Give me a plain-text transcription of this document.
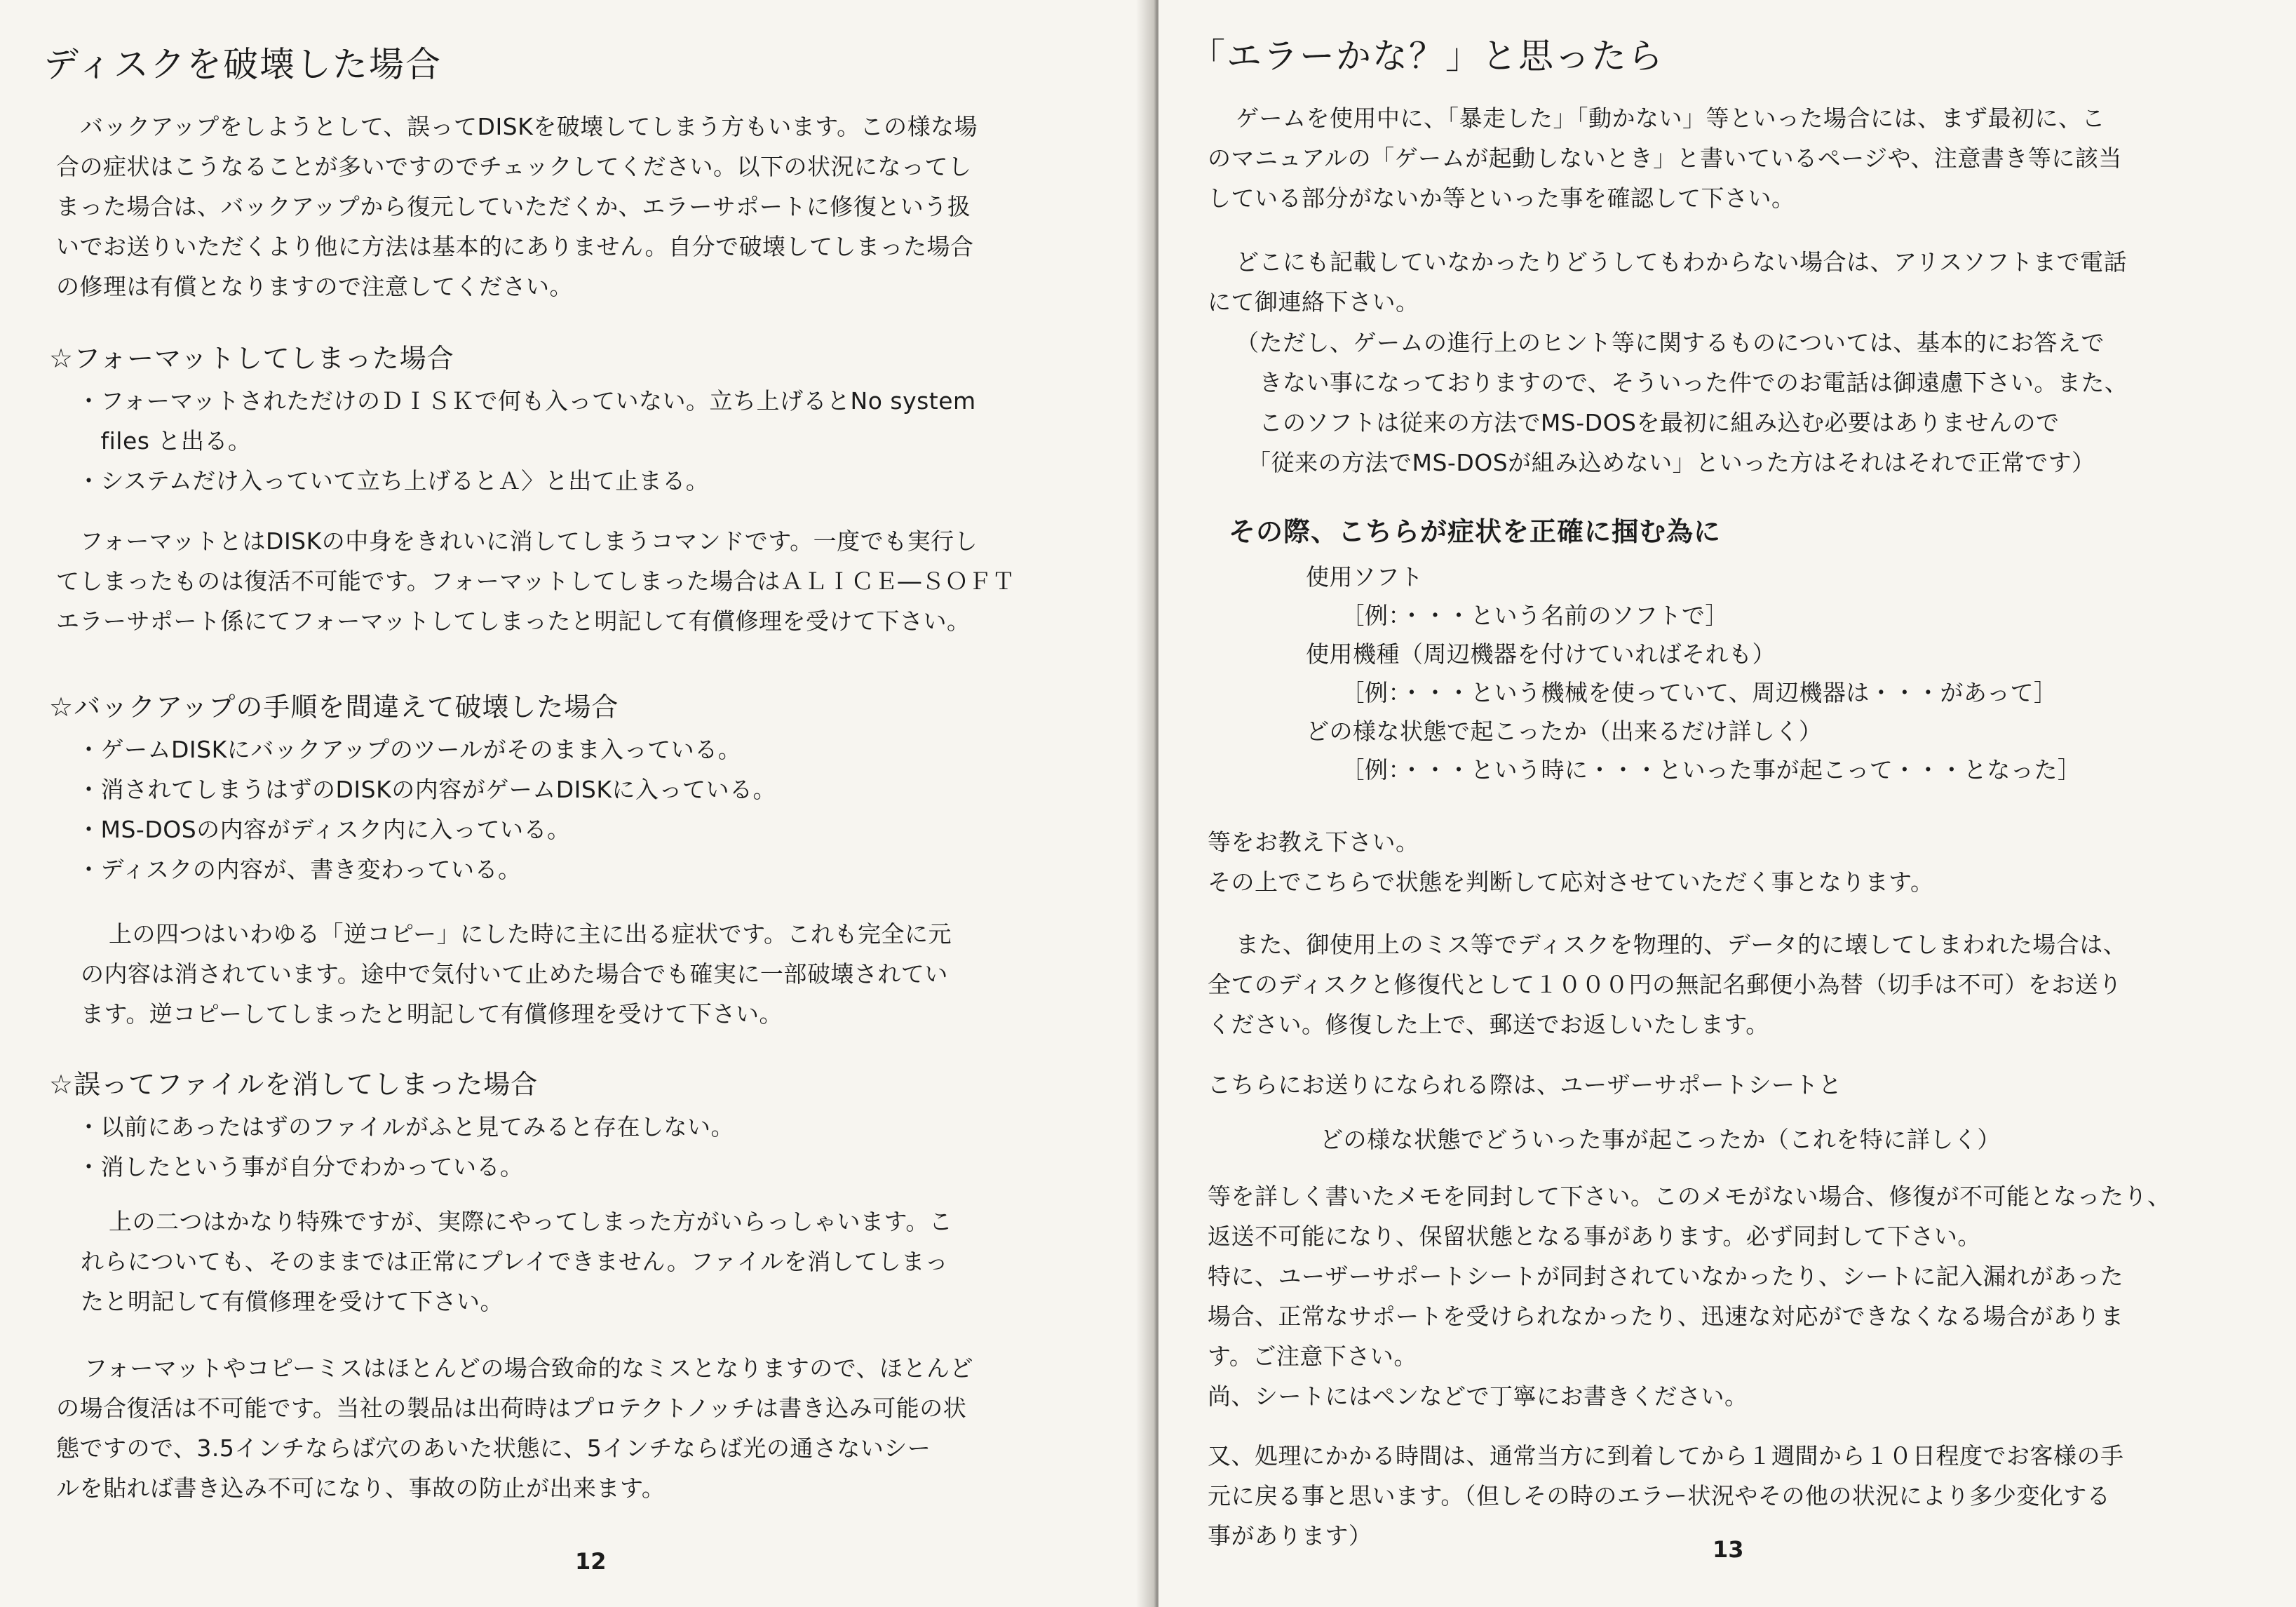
ディスクを破壊した場合
バックアップをしようとして、誤ってDISKを破壊してしまう方もいます。この様な場
合の症状はこうなることが多いですのでチェックしてください。以下の状況になってし
まった場合は、バックアップから復元していただくか、エラーサポートに修復という扱
いでお送りいただくより他に方法は基本的にありません。自分で破壊してしまった場合
の修理は有償となりますので注意してください。
☆フォーマットしてしまった場合
・フォーマットされただけのＤＩＳＫで何も入っていない。立ち上げるとNo system
　files と出る。
・システムだけ入っていて立ち上げるとＡ〉と出て止まる。
フォーマットとはDISKの中身をきれいに消してしまうコマンドです。一度でも実行し
てしまったものは復活不可能です。フォーマットしてしまった場合はＡＬＩＣＥ―ＳＯＦＴ
エラーサポート係にてフォーマットしてしまったと明記して有償修理を受けて下さい。
☆バックアップの手順を間違えて破壊した場合
・ゲームDISKにバックアップのツールがそのまま入っている。
・消されてしまうはずのDISKの内容がゲームDISKに入っている。
・MS-DOSの内容がディスク内に入っている。
・ディスクの内容が、書き変わっている。
上の四つはいわゆる「逆コピー」にした時に主に出る症状です。これも完全に元
の内容は消されています。途中で気付いて止めた場合でも確実に一部破壊されてい
ます。逆コピーしてしまったと明記して有償修理を受けて下さい。
☆誤ってファイルを消してしまった場合
・以前にあったはずのファイルがふと見てみると存在しない。
・消したという事が自分でわかっている。
上の二つはかなり特殊ですが、実際にやってしまった方がいらっしゃいます。こ
れらについても、そのままでは正常にプレイできません。ファイルを消してしまっ
たと明記して有償修理を受けて下さい。
フォーマットやコピーミスはほとんどの場合致命的なミスとなりますので、ほとんど
の場合復活は不可能です。当社の製品は出荷時はプロテクトノッチは書き込み可能の状
態ですので、3.5インチならば穴のあいた状態に、5インチならば光の通さないシー
ルを貼れば書き込み不可になり、事故の防止が出来ます。
12
「エラーかな？」と思ったら
ゲームを使用中に、「暴走した」「動かない」等といった場合には、まず最初に、こ
のマニュアルの「ゲームが起動しないとき」と書いているページや、注意書き等に該当
している部分がないか等といった事を確認して下さい。
どこにも記載していなかったりどうしてもわからない場合は、アリスソフトまで電話
にて御連絡下さい。
（ただし、ゲームの進行上のヒント等に関するものについては、基本的にお答えで
　きない事になっておりますので、そういった件でのお電話は御遠慮下さい。また、
　このソフトは従来の方法でMS-DOSを最初に組み込む必要はありませんので
　「従来の方法でMS-DOSが組み込めない」といった方はそれはそれで正常です）
その際、こちらが症状を正確に掴む為に
使用ソフト
　　［例：・・・という名前のソフトで］
使用機種（周辺機器を付けていればそれも）
　　［例：・・・という機械を使っていて、周辺機器は・・・があって］
どの様な状態で起こったか（出来るだけ詳しく）
　　［例：・・・という時に・・・といった事が起こって・・・となった］
等をお教え下さい。
その上でこちらで状態を判断して応対させていただく事となります。
また、御使用上のミス等でディスクを物理的、データ的に壊してしまわれた場合は、
全てのディスクと修復代として１０００円の無記名郵便小為替（切手は不可）をお送り
ください。修復した上で、郵送でお返しいたします。
こちらにお送りになられる際は、ユーザーサポートシートと
どの様な状態でどういった事が起こったか（これを特に詳しく）
等を詳しく書いたメモを同封して下さい。このメモがない場合、修復が不可能となったり、
返送不可能になり、保留状態となる事があります。必ず同封して下さい。
特に、ユーザーサポートシートが同封されていなかったり、シートに記入漏れがあった
場合、正常なサポートを受けられなかったり、迅速な対応ができなくなる場合がありま
す。ご注意下さい。
尚、シートにはペンなどで丁寧にお書きください。
又、処理にかかる時間は、通常当方に到着してから１週間から１０日程度でお客様の手
元に戻る事と思います。（但しその時のエラー状況やその他の状況により多少変化する
事があります）	13
